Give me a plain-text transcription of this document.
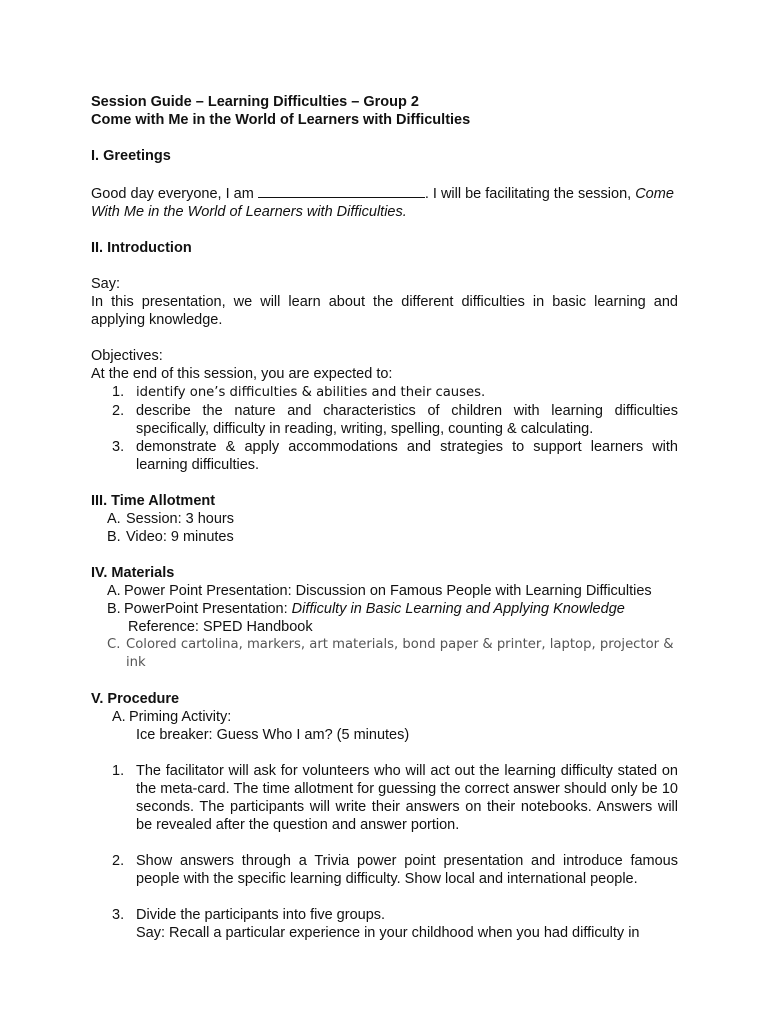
Session Guide – Learning Difficulties – Group 2
Come with Me in the World of Learners with Difficulties
I. Greetings
Good day everyone, I am	. I will be facilitating the session, Come With Me in the World of Learners with Difficulties.
II. Introduction
Say:
In this presentation, we will learn about the different difficulties in basic learning and applying knowledge.
Objectives:
At the end of this session, you are expected to:
1. identify one’s difficulties & abilities and their causes.
2. describe the nature and characteristics of children with learning difficulties specifically, difficulty in reading, writing, spelling, counting & calculating.
3. demonstrate & apply accommodations and strategies to support learners with learning difficulties.
III. Time Allotment
A. Session: 3 hours
B. Video: 9 minutes
IV. Materials
A. Power Point Presentation: Discussion on Famous People with Learning Difficulties
B. PowerPoint Presentation: Difficulty in Basic Learning and Applying Knowledge
Reference: SPED Handbook
C. Colored cartolina, markers, art materials, bond paper & printer, laptop, projector & ink
V. Procedure
A. Priming Activity:
Ice breaker: Guess Who I am? (5 minutes)
1. The facilitator will ask for volunteers who will act out the learning difficulty stated on the meta-card. The time allotment for guessing the correct answer should only be 10 seconds. The participants will write their answers on their notebooks. Answers will be revealed after the question and answer portion.
2. Show answers through a Trivia power point presentation and introduce famous people with the specific learning difficulty. Show local and international people.
3. Divide the participants into five groups.
Say: Recall a particular experience in your childhood when you had difficulty in
